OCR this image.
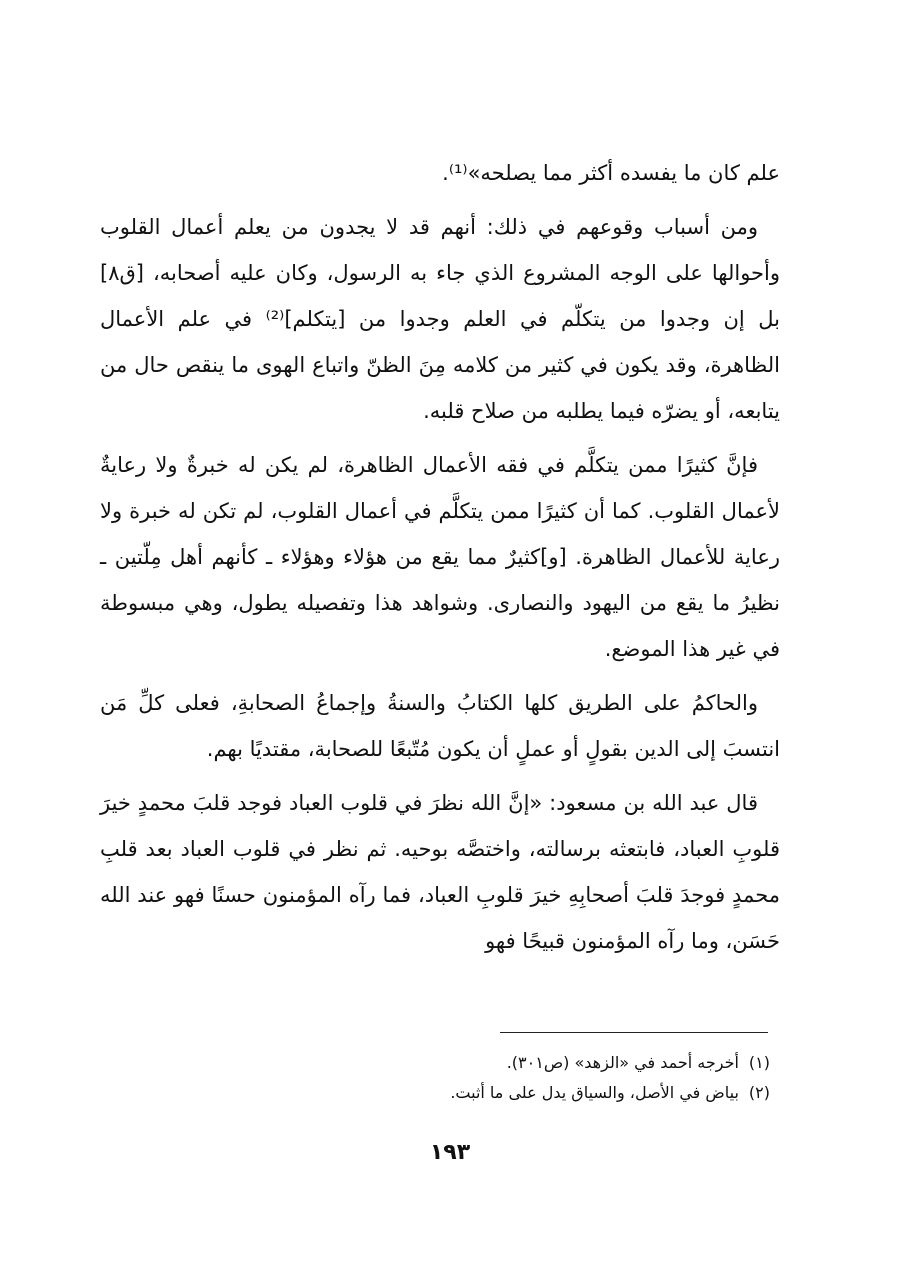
علم كان ما يفسده أكثر مما يصلحه»⁽¹⁾.

ومن أسباب وقوعهم في ذلك: أنهم قد لا يجدون من يعلم أعمال القلوب وأحوالها على الوجه المشروع الذي جاء به الرسول، وكان عليه أصحابه، [ق٨] بل إن وجدوا من يتكلّم في العلم وجدوا من [يتكلم]⁽²⁾ في علم الأعمال الظاهرة، وقد يكون في كثير من كلامه مِنَ الظنّ واتباع الهوى ما ينقص حال من يتابعه، أو يضرّه فيما يطلبه من صلاح قلبه.

فإنَّ كثيرًا ممن يتكلَّم في فقه الأعمال الظاهرة، لم يكن له خبرةٌ ولا رعايةٌ لأعمال القلوب. كما أن كثيرًا ممن يتكلَّم في أعمال القلوب، لم تكن له خبرة ولا رعاية للأعمال الظاهرة. [و]كثيرٌ مما يقع من هؤلاء وهؤلاء ـ كأنهم أهل مِلّتين ـ نظيرُ ما يقع من اليهود والنصارى. وشواهد هذا وتفصيله يطول، وهي مبسوطة في غير هذا الموضع.

والحاكمُ على الطريق كلها الكتابُ والسنةُ وإجماعُ الصحابةِ، فعلى كلِّ مَن انتسبَ إلى الدين بقولٍ أو عملٍ أن يكون مُتّبعًا للصحابة، مقتديًا بهم.

قال عبد الله بن مسعود: «إنَّ الله نظرَ في قلوب العباد فوجد قلبَ محمدٍ خيرَ قلوبِ العباد، فابتعثه برسالته، واختصَّه بوحيه. ثم نظر في قلوب العباد بعد قلبِ محمدٍ فوجدَ قلبَ أصحابِهِ خيرَ قلوبِ العباد، فما رآه المؤمنون حسنًا فهو عند الله حَسَن، وما رآه المؤمنون قبيحًا فهو

(١)أخرجه أحمد في «الزهد» (ص٣٠١).

(٢)بياض في الأصل، والسياق يدل على ما أثبت.

١٩٣
